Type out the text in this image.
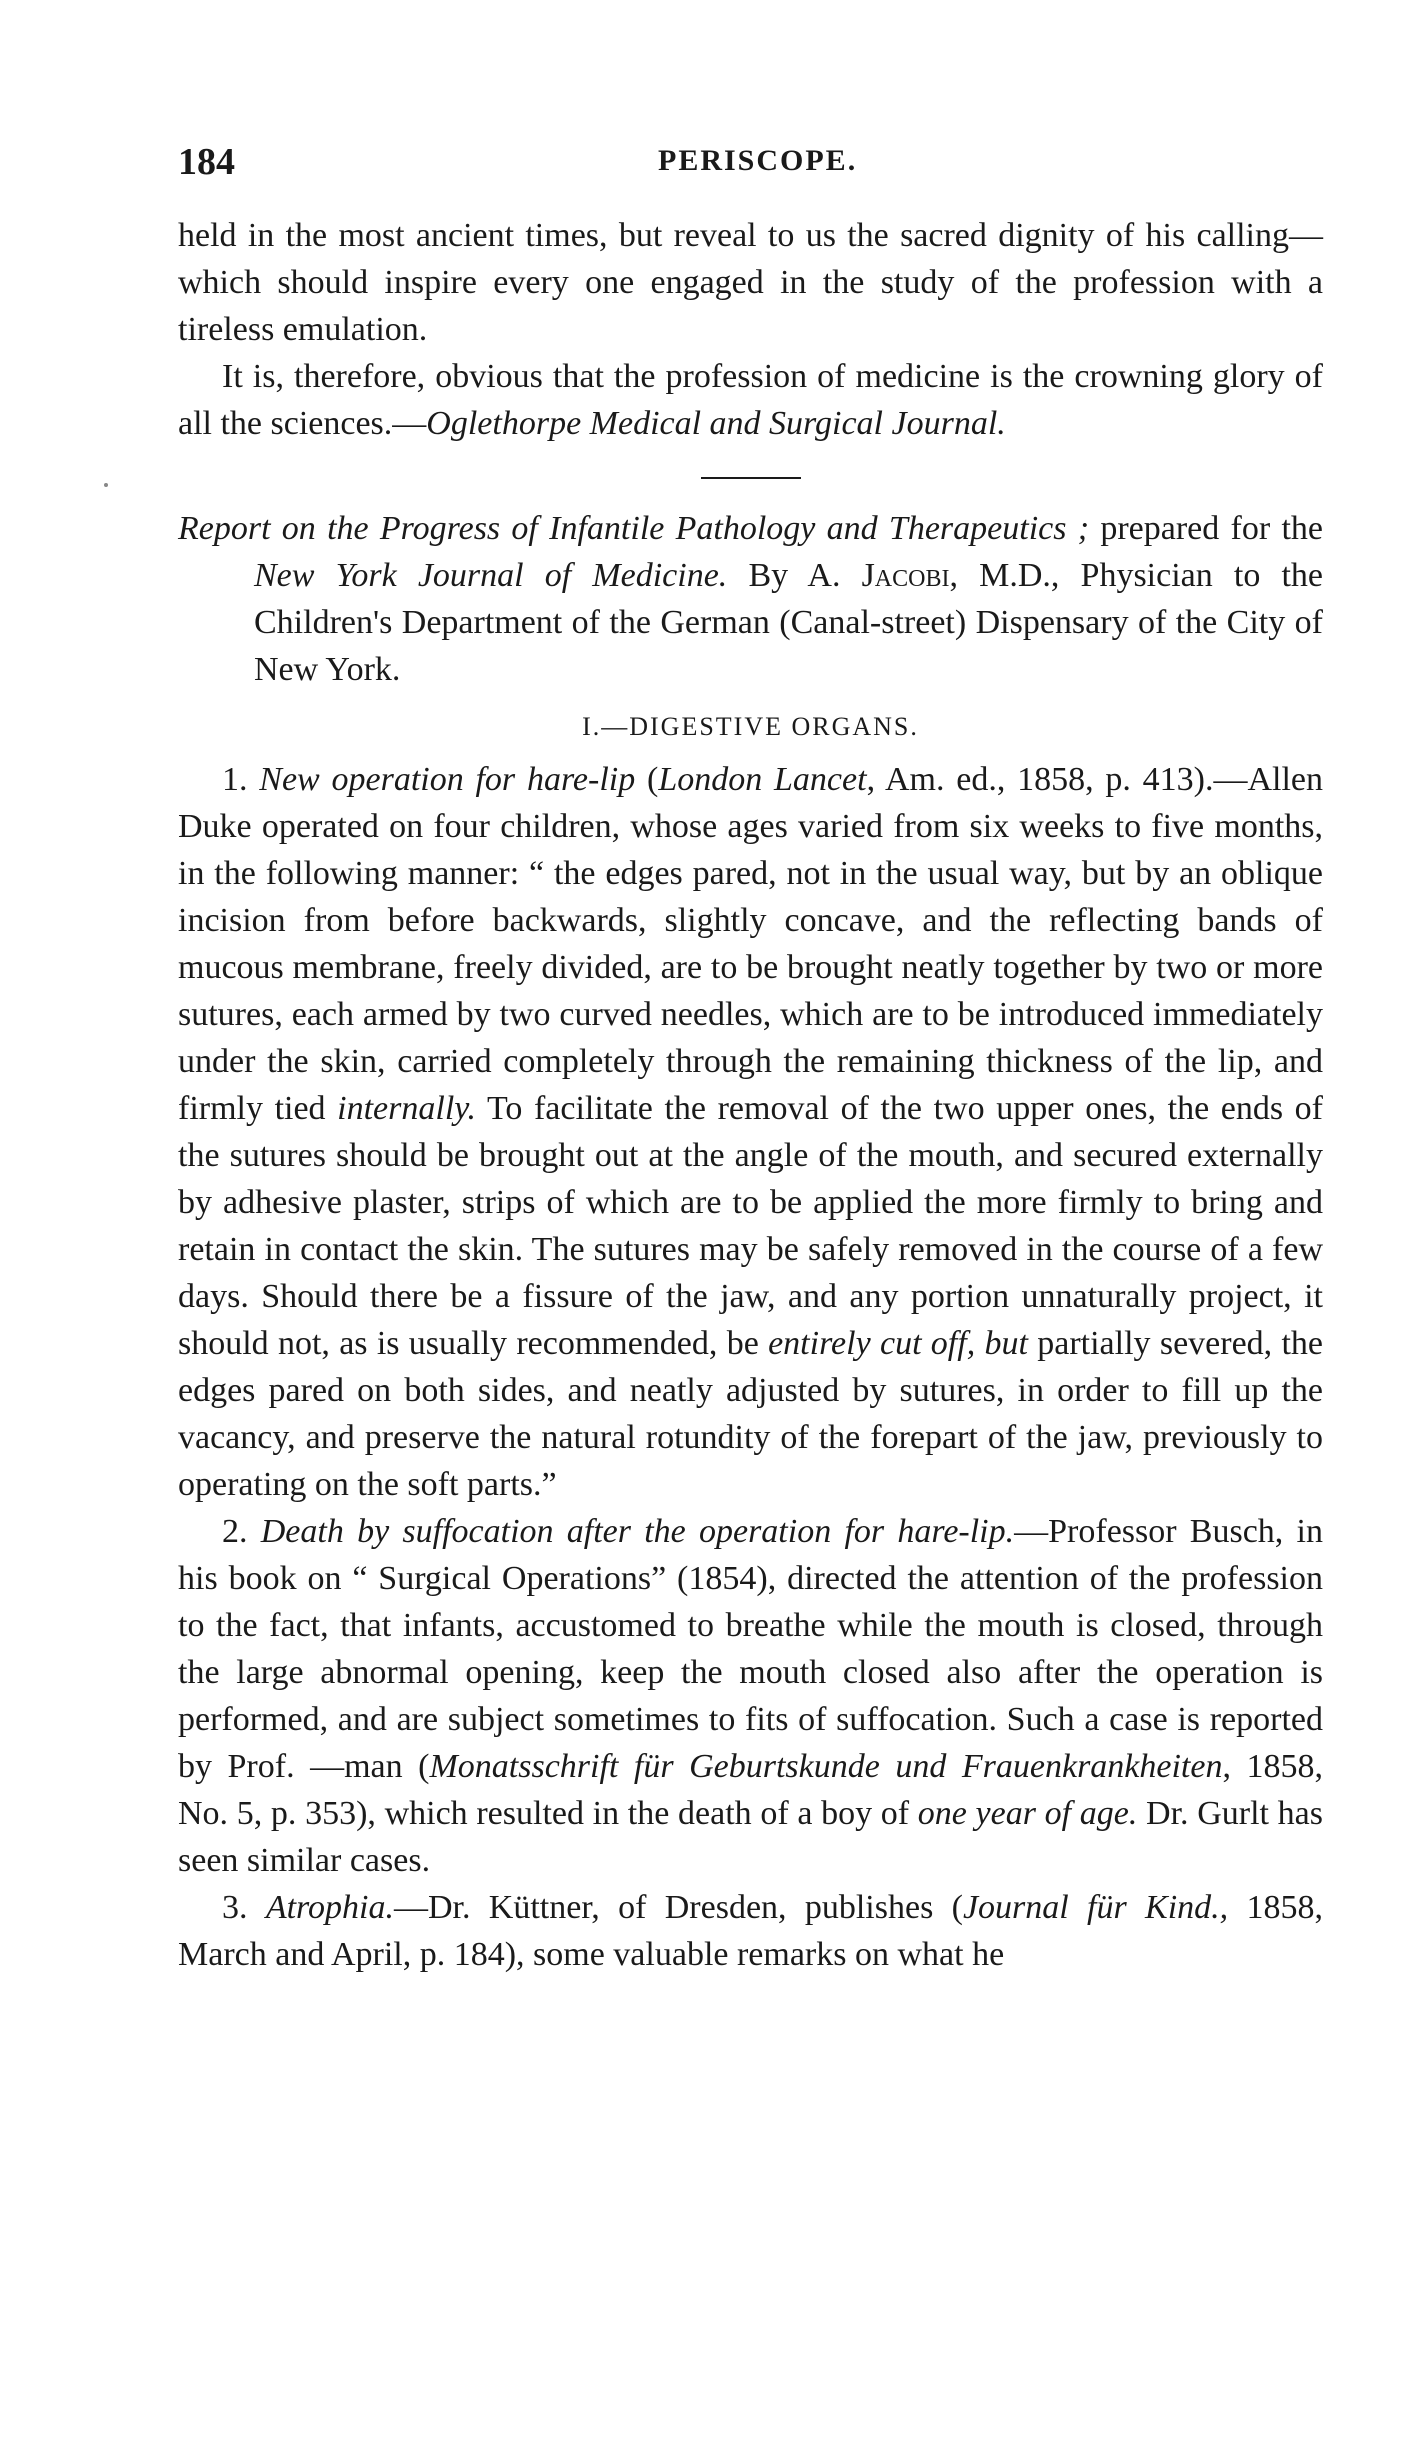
184	PERISCOPE.

held in the most ancient times, but reveal to us the sacred dignity of his calling—which should inspire every one engaged in the study of the profession with a tireless emulation.

It is, therefore, obvious that the profession of medicine is the crowning glory of all the sciences.—Oglethorpe Medical and Surgical Journal.

Report on the Progress of Infantile Pathology and Therapeutics ; prepared for the New York Journal of Medicine. By A. Jacobi, M.D., Physician to the Children's Department of the German (Canal-street) Dispensary of the City of New York.

I.—DIGESTIVE ORGANS.

1. New operation for hare-lip (London Lancet, Am. ed., 1858, p. 413).—Allen Duke operated on four children, whose ages varied from six weeks to five months, in the following manner: “ the edges pared, not in the usual way, but by an oblique incision from before backwards, slightly concave, and the reflecting bands of mucous membrane, freely divided, are to be brought neatly together by two or more sutures, each armed by two curved needles, which are to be introduced immediately under the skin, carried completely through the remaining thickness of the lip, and firmly tied internally. To facilitate the removal of the two upper ones, the ends of the sutures should be brought out at the angle of the mouth, and secured externally by adhesive plaster, strips of which are to be applied the more firmly to bring and retain in contact the skin. The sutures may be safely removed in the course of a few days. Should there be a fissure of the jaw, and any portion unnaturally project, it should not, as is usually recommended, be entirely cut off, but partially severed, the edges pared on both sides, and neatly adjusted by sutures, in order to fill up the vacancy, and preserve the natural rotundity of the forepart of the jaw, previously to operating on the soft parts.”

2. Death by suffocation after the operation for hare-lip.—Professor Busch, in his book on “ Surgical Operations” (1854), directed the attention of the profession to the fact, that infants, accustomed to breathe while the mouth is closed, through the large abnormal opening, keep the mouth closed also after the operation is performed, and are subject sometimes to fits of suffocation. Such a case is reported by Prof. —man (Monatsschrift für Geburtskunde und Frauenkrankheiten, 1858, No. 5, p. 353), which resulted in the death of a boy of one year of age. Dr. Gurlt has seen similar cases.

3. Atrophia.—Dr. Küttner, of Dresden, publishes (Journal für Kind., 1858, March and April, p. 184), some valuable remarks on what he
